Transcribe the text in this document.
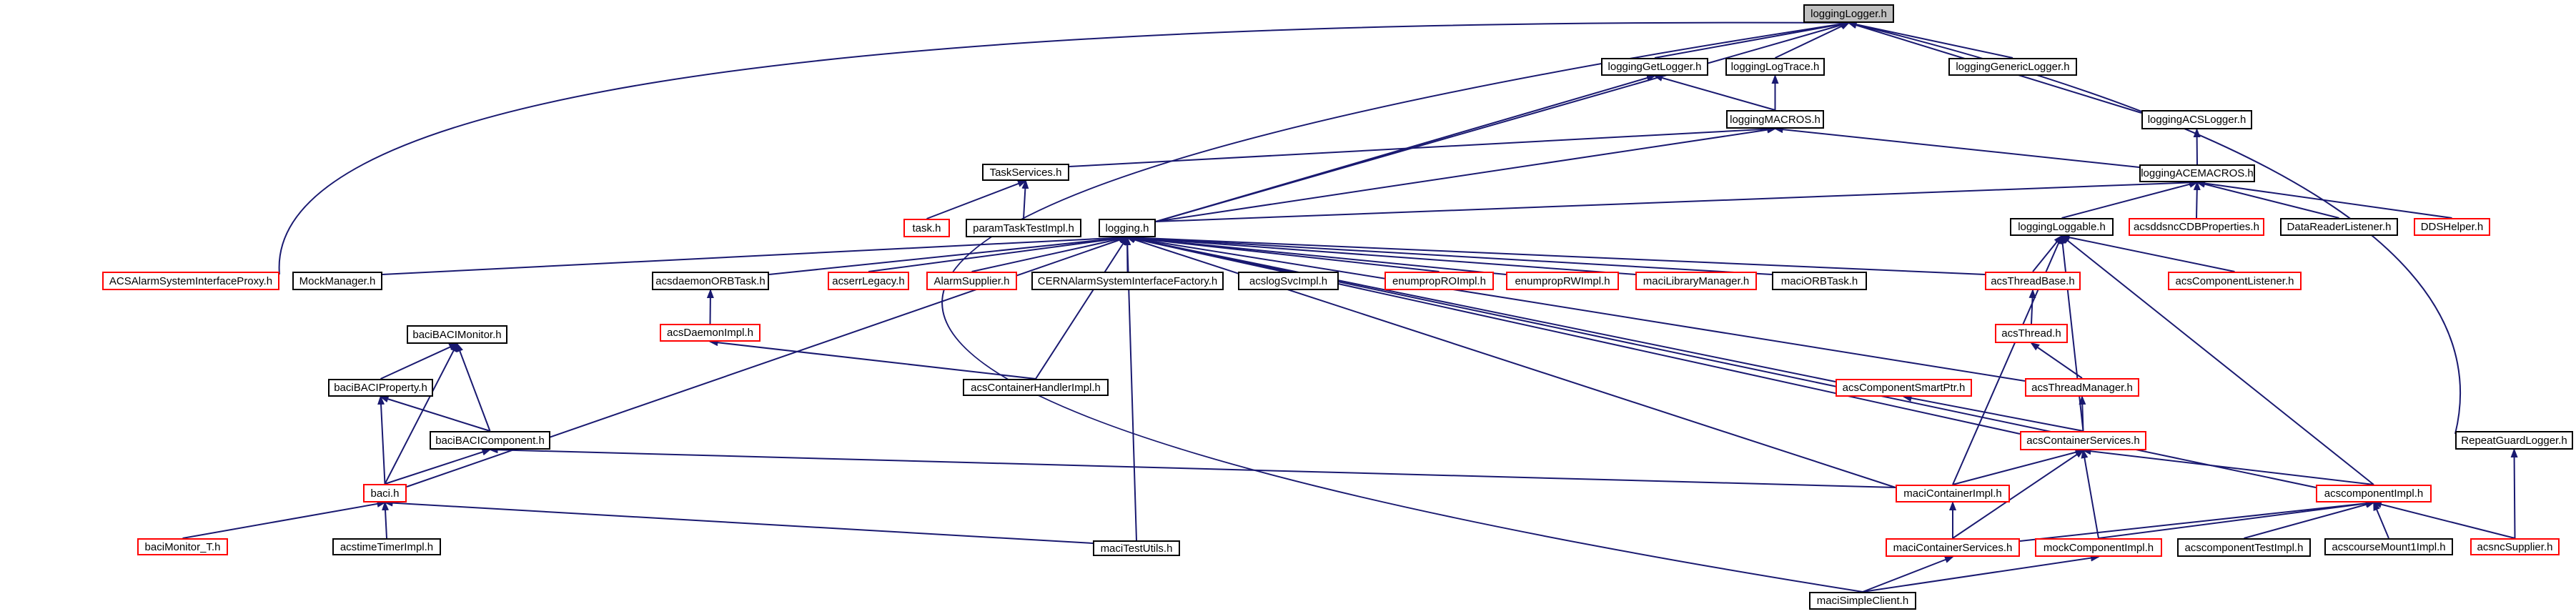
loggingLogger.h
loggingGetLogger.h	loggingLogTrace.h	loggingGenericLogger.h
loggingMACROS.h	loggingACSLogger.h
TaskServices.h	loggingACEMACROS.h
task.h	paramTaskTestImpl.h	logging.h	loggingLoggable.h	acsddsncCDBProperties.h	DataReaderListener.h	DDSHelper.h
ACSAlarmSystemInterfaceProxy.h	MockManager.h	acsdaemonORBTask.h	acserrLegacy.h	AlarmSupplier.h	CERNAlarmSystemInterfaceFactory.h	acslogSvcImpl.h	enumpropROImpl.h	enumpropRWImpl.h	maciLibraryManager.h	maciORBTask.h	acsThreadBase.h	acsComponentListener.h
baciBACIMonitor.h	acsDaemonImpl.h	acsThread.h
baciBACIProperty.h	acsContainerHandlerImpl.h	acsComponentSmartPtr.h	acsThreadManager.h
baciBACIComponent.h	acsContainerServices.h	RepeatGuardLogger.h
baci.h	maciContainerImpl.h	acscomponentImpl.h
baciMonitor_T.h	acstimeTimerImpl.h	maciTestUtils.h	maciContainerServices.h	mockComponentImpl.h	acscomponentTestImpl.h	acscourseMount1Impl.h	acsncSupplier.h
maciSimpleClient.h
